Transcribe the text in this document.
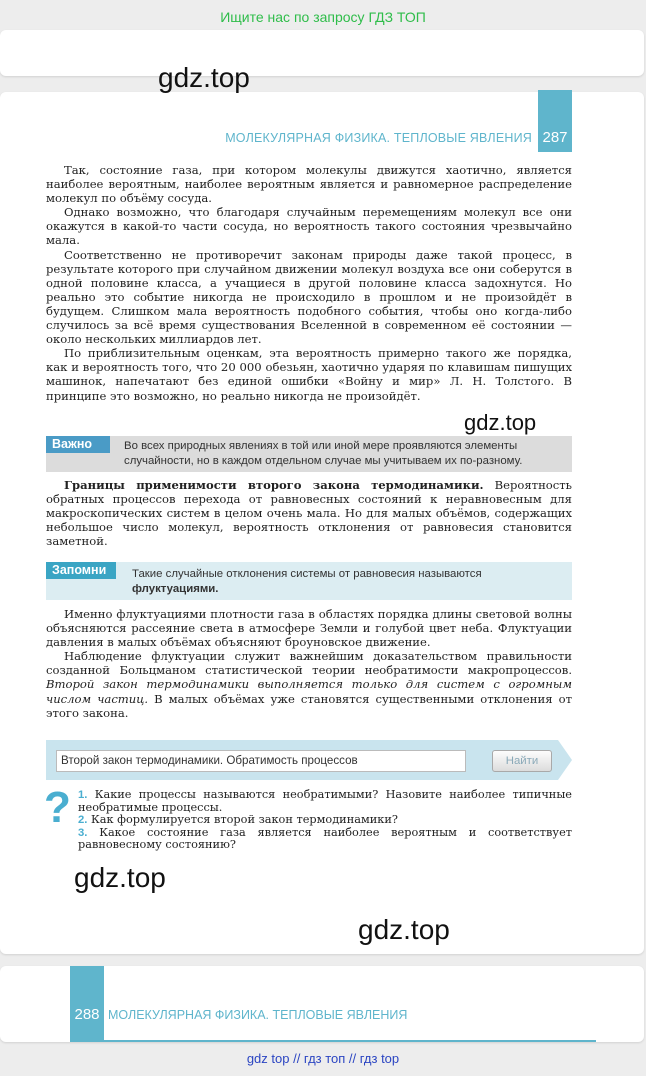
Ищите нас по запросу ГДЗ ТОП
gdz.top
287
МОЛЕКУЛЯРНАЯ ФИЗИКА. ТЕПЛОВЫЕ ЯВЛЕНИЯ

Так, состояние газа, при котором молекулы движутся хаотично, является наиболее вероятным, наиболее вероятным является и равномерное распределение молекул по объёму сосуда.

Однако возможно, что благодаря случайным перемещениям молекул все они окажутся в какой-то части сосуда, но вероятность такого состояния чрезвычайно мала.

Соответственно не противоречит законам природы даже такой процесс, в результате которого при случайном движении молекул воздуха все они соберутся в одной половине класса, а учащиеся в другой половине класса задохнутся. Но реально это событие никогда не происходило в прошлом и не произойдёт в будущем. Слишком мала вероятность подобного события, чтобы оно когда-либо случилось за всё время существования Вселенной в современном её состоянии — около нескольких миллиардов лет.

По приблизительным оценкам, эта вероятность примерно такого же порядка, как и вероятность того, что 20 000 обезьян, хаотично ударяя по клавишам пишущих машинок, напечатают без единой ошибки «Войну и мир» Л. Н. Толстого. В принципе это возможно, но реально никогда не произойдёт.

gdz.top
Важно	Во всех природных явлениях в той или иной мере проявляются элементы случайности, но в каждом отдельном случае мы учитываем их по-разному.

Границы применимости второго закона термодинамики. Вероятность обратных процессов перехода от равновесных состояний к неравновесным для макроскопических систем в целом очень мала. Но для малых объёмов, содержащих небольшое число молекул, вероятность отклонения от равновесия становится заметной.

Запомни	Такие случайные отклонения системы от равновесия называются флуктуациями.

Именно флуктуациями плотности газа в областях порядка длины световой волны объясняются рассеяние света в атмосфере Земли и голубой цвет неба. Флуктуации давления в малых объёмах объясняют броуновское движение.

Наблюдение флуктуации служит важнейшим доказательством правильности созданной Больцманом статистической теории необратимости макропроцессов. Второй закон термодинамики выполняется только для систем с огромным числом частиц. В малых объёмах уже становятся существенными отклонения от этого закона.

Второй закон термодинамики. Обратимость процессов	Найти
? 1. Какие процессы называются необратимыми? Назовите наиболее типичные необратимые процессы.
2. Как формулируется второй закон термодинамики?
3. Какое состояние газа является наиболее вероятным и соответствует равновесному состоянию?
gdz.top
gdz.top
288 МОЛЕКУЛЯРНАЯ ФИЗИКА. ТЕПЛОВЫЕ ЯВЛЕНИЯ
gdz top // гдз топ // гдз top
